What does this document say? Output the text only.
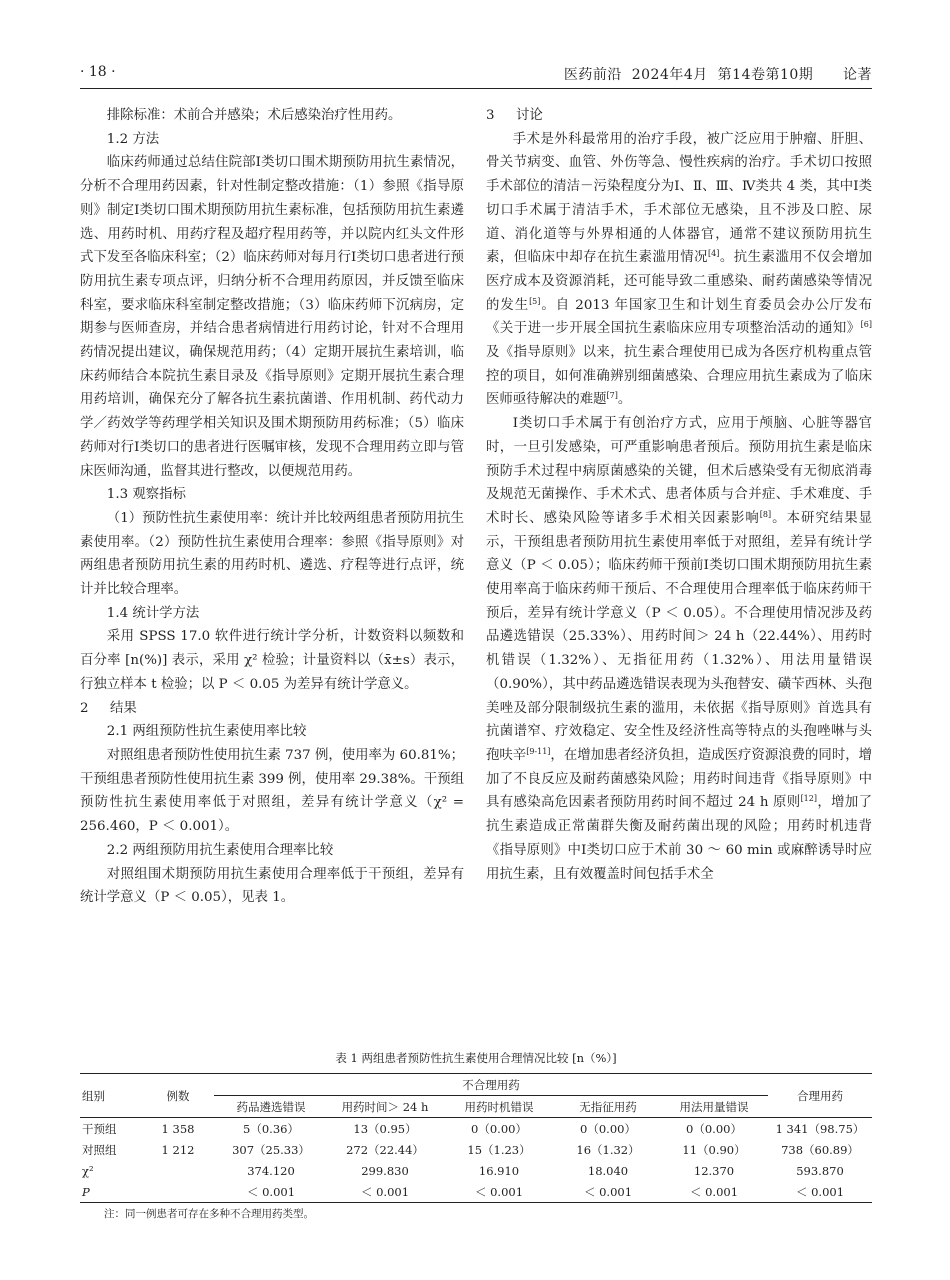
· 18 ·	医药前沿  2024年4月  第14卷第10期      论著

排除标准：术前合并感染；术后感染治疗性用药。

1.2 方法

临床药师通过总结住院部Ⅰ类切口围术期预防用抗生素情况，分析不合理用药因素，针对性制定整改措施：（1）参照《指导原则》制定Ⅰ类切口围术期预防用抗生素标准，包括预防用抗生素遴选、用药时机、用药疗程及超疗程用药等，并以院内红头文件形式下发至各临床科室；（2）临床药师对每月行Ⅰ类切口患者进行预防用抗生素专项点评，归纳分析不合理用药原因，并反馈至临床科室，要求临床科室制定整改措施；（3）临床药师下沉病房，定期参与医师查房，并结合患者病情进行用药讨论，针对不合理用药情况提出建议，确保规范用药；（4）定期开展抗生素培训，临床药师结合本院抗生素目录及《指导原则》定期开展抗生素合理用药培训，确保充分了解各抗生素抗菌谱、作用机制、药代动力学／药效学等药理学相关知识及围术期预防用药标准；（5）临床药师对行Ⅰ类切口的患者进行医嘱审核，发现不合理用药立即与管床医师沟通，监督其进行整改，以便规范用药。

1.3 观察指标

（1）预防性抗生素使用率：统计并比较两组患者预防用抗生素使用率。（2）预防性抗生素使用合理率：参照《指导原则》对两组患者预防用抗生素的用药时机、遴选、疗程等进行点评，统计并比较合理率。

1.4 统计学方法

采用 SPSS 17.0 软件进行统计学分析，计数资料以频数和百分率 [n(%)] 表示，采用 χ² 检验；计量资料以（x̄±s）表示，行独立样本 t 检验；以 P ＜ 0.05 为差异有统计学意义。

2 结果

2.1 两组预防性抗生素使用率比较

对照组患者预防性使用抗生素 737 例，使用率为 60.81%；干预组患者预防性使用抗生素 399 例，使用率 29.38%。干预组预防性抗生素使用率低于对照组，差异有统计学意义（χ² = 256.460，P ＜ 0.001）。

2.2 两组预防用抗生素使用合理率比较

对照组围术期预防用抗生素使用合理率低于干预组，差异有统计学意义（P ＜ 0.05），见表 1。

3 讨论

手术是外科最常用的治疗手段，被广泛应用于肿瘤、肝胆、骨关节病变、血管、外伤等急、慢性疾病的治疗。手术切口按照手术部位的清洁－污染程度分为Ⅰ、Ⅱ、Ⅲ、Ⅳ类共 4 类，其中Ⅰ类切口手术属于清洁手术，手术部位无感染，且不涉及口腔、尿道、消化道等与外界相通的人体器官，通常不建议预防用抗生素，但临床中却存在抗生素滥用情况[4]。抗生素滥用不仅会增加医疗成本及资源消耗，还可能导致二重感染、耐药菌感染等情况的发生[5]。自 2013 年国家卫生和计划生育委员会办公厅发布《关于进一步开展全国抗生素临床应用专项整治活动的通知》[6]及《指导原则》以来，抗生素合理使用已成为各医疗机构重点管控的项目，如何准确辨别细菌感染、合理应用抗生素成为了临床医师亟待解决的难题[7]。

Ⅰ类切口手术属于有创治疗方式，应用于颅脑、心脏等器官时，一旦引发感染，可严重影响患者预后。预防用抗生素是临床预防手术过程中病原菌感染的关键，但术后感染受有无彻底消毒及规范无菌操作、手术术式、患者体质与合并症、手术难度、手术时长、感染风险等诸多手术相关因素影响[8]。本研究结果显示，干预组患者预防用抗生素使用率低于对照组，差异有统计学意义（P ＜ 0.05）；临床药师干预前Ⅰ类切口围术期预防用抗生素使用率高于临床药师干预后、不合理使用合理率低于临床药师干预后，差异有统计学意义（P ＜ 0.05）。不合理使用情况涉及药品遴选错误（25.33%）、用药时间＞ 24 h（22.44%）、用药时机错误（1.32%）、无指征用药（1.32%）、用法用量错误（0.90%），其中药品遴选错误表现为头孢替安、磺苄西林、头孢美唑及部分限制级抗生素的滥用，未依据《指导原则》首选具有抗菌谱窄、疗效稳定、安全性及经济性高等特点的头孢唑啉与头孢呋辛[9-11]，在增加患者经济负担，造成医疗资源浪费的同时，增加了不良反应及耐药菌感染风险；用药时间违背《指导原则》中具有感染高危因素者预防用药时间不超过 24 h 原则[12]，增加了抗生素造成正常菌群失衡及耐药菌出现的风险；用药时机违背《指导原则》中Ⅰ类切口应于术前 30 ～ 60 min 或麻醉诱导时应用抗生素，且有效覆盖时间包括手术全

表 1 两组患者预防性抗生素使用合理情况比较 [n（%）]
组别	例数	不合理用药					合理用药
		药品遴选错误	用药时间＞ 24 h	用药时机错误	无指征用药	用法用量错误	
干预组	1 358	5（0.36）	13（0.95）	0（0.00）	0（0.00）	0（0.00）	1 341（98.75）
对照组	1 212	307（25.33）	272（22.44）	15（1.23）	16（1.32）	11（0.90）	738（60.89）
χ²		374.120	299.830	16.910	18.040	12.370	593.870
P		＜ 0.001	＜ 0.001	＜ 0.001	＜ 0.001	＜ 0.001	＜ 0.001
注：同一例患者可存在多种不合理用药类型。
